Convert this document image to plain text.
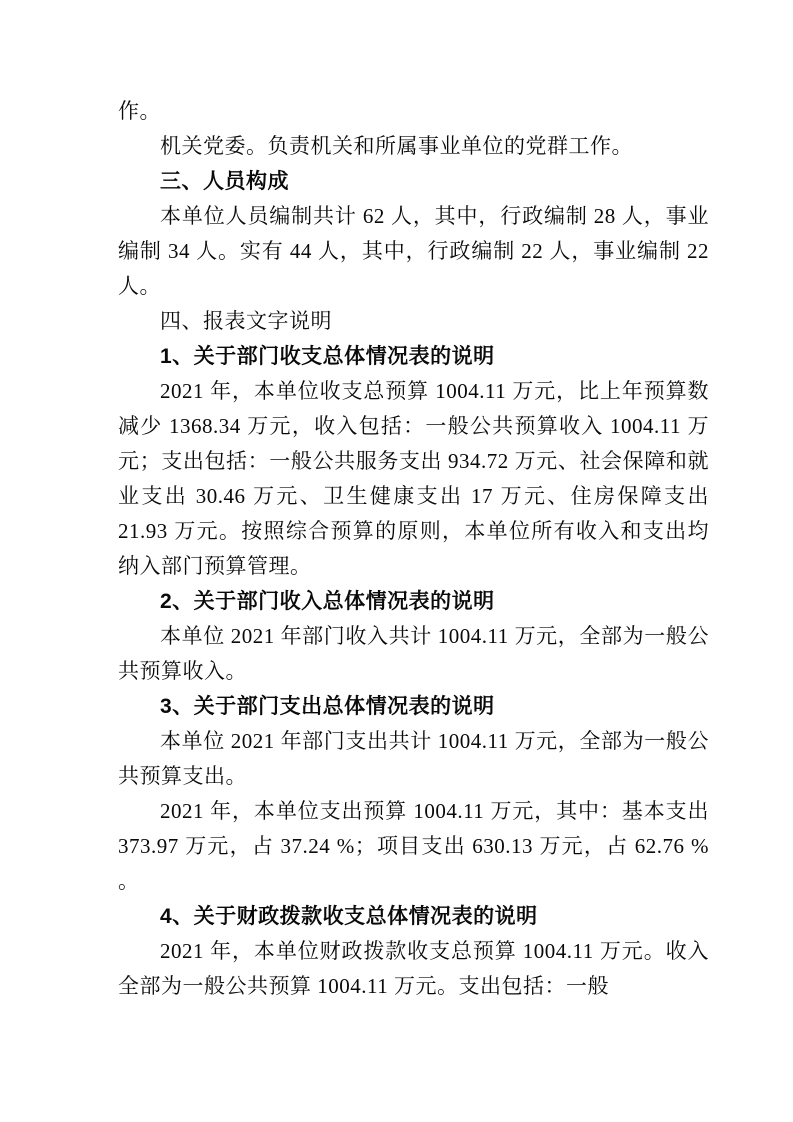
作。

机关党委。负责机关和所属事业单位的党群工作。

三、人员构成

本单位人员编制共计 62 人，其中，行政编制 28 人，事业编制 34 人。实有 44 人，其中，行政编制 22 人，事业编制 22 人。

四、报表文字说明

1、关于部门收支总体情况表的说明

2021 年，本单位收支总预算 1004.11 万元，比上年预算数减少 1368.34 万元，收入包括：一般公共预算收入 1004.11 万元；支出包括：一般公共服务支出 934.72 万元、社会保障和就业支出 30.46 万元、卫生健康支出 17 万元、住房保障支出 21.93 万元。按照综合预算的原则，本单位所有收入和支出均纳入部门预算管理。

2、关于部门收入总体情况表的说明

本单位 2021 年部门收入共计 1004.11 万元，全部为一般公共预算收入。

3、关于部门支出总体情况表的说明

本单位 2021 年部门支出共计 1004.11 万元，全部为一般公共预算支出。

2021 年，本单位支出预算 1004.11 万元，其中：基本支出 373.97 万元，占 37.24 %；项目支出 630.13 万元，占 62.76 % 。

4、关于财政拨款收支总体情况表的说明

2021 年，本单位财政拨款收支总预算 1004.11 万元。收入全部为一般公共预算 1004.11 万元。支出包括：一般
